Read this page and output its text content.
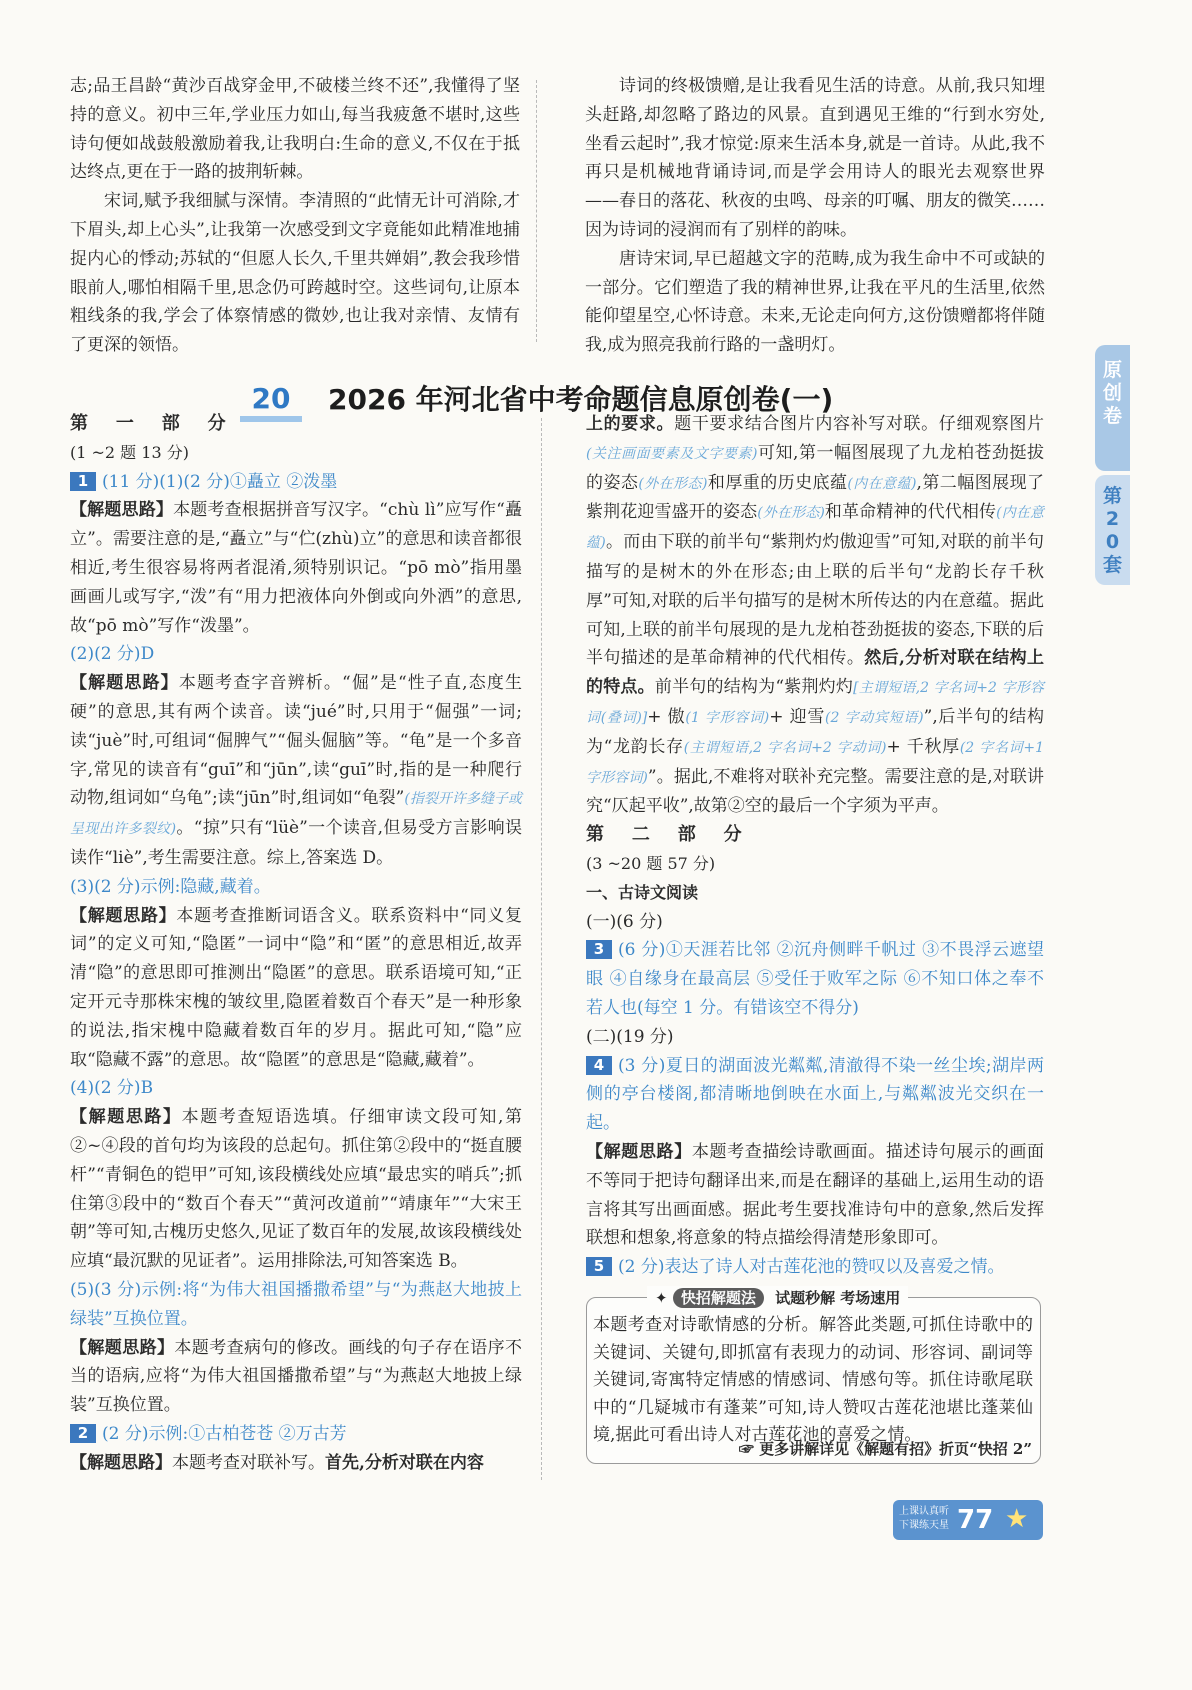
志;品王昌龄“黄沙百战穿金甲,不破楼兰终不还”,我懂得了坚持的意义。初中三年,学业压力如山,每当我疲惫不堪时,这些诗句便如战鼓般激励着我,让我明白:生命的意义,不仅在于抵达终点,更在于一路的披荆斩棘。

宋词,赋予我细腻与深情。李清照的“此情无计可消除,才下眉头,却上心头”,让我第一次感受到文字竟能如此精准地捕捉内心的悸动;苏轼的“但愿人长久,千里共婵娟”,教会我珍惜眼前人,哪怕相隔千里,思念仍可跨越时空。这些词句,让原本粗线条的我,学会了体察情感的微妙,也让我对亲情、友情有了更深的领悟。

诗词的终极馈赠,是让我看见生活的诗意。从前,我只知埋头赶路,却忽略了路边的风景。直到遇见王维的“行到水穷处,坐看云起时”,我才惊觉:原来生活本身,就是一首诗。从此,我不再只是机械地背诵诗词,而是学会用诗人的眼光去观察世界——春日的落花、秋夜的虫鸣、母亲的叮嘱、朋友的微笑……因为诗词的浸润而有了别样的韵味。

唐诗宋词,早已超越文字的范畴,成为我生命中不可或缺的一部分。它们塑造了我的精神世界,让我在平凡的生活里,依然能仰望星空,心怀诗意。未来,无论走向何方,这份馈赠都将伴随我,成为照亮我前行路的一盏明灯。

20	2026 年河北省中考命题信息原创卷(一)
原创卷
第20套

第 一 部 分

(1 ~2 题 13 分)

1 (11 分)(1)(2 分)①矗立 ②泼墨

【解题思路】本题考查根据拼音写汉字。“chù lì”应写作“矗立”。需要注意的是,“矗立”与“伫(zhù)立”的意思和读音都很相近,考生很容易将两者混淆,须特别识记。“pō mò”指用墨画画儿或写字,“泼”有“用力把液体向外倒或向外洒”的意思,故“pō mò”写作“泼墨”。

(2)(2 分)D

【解题思路】本题考查字音辨析。“倔”是“性子直,态度生硬”的意思,其有两个读音。读“jué”时,只用于“倔强”一词;读“juè”时,可组词“倔脾气”“倔头倔脑”等。“龟”是一个多音字,常见的读音有“guī”和“jūn”,读“guī”时,指的是一种爬行动物,组词如“乌龟”;读“jūn”时,组词如“龟裂”(指裂开许多缝子或呈现出许多裂纹)。“掠”只有“lüè”一个读音,但易受方言影响误读作“liè”,考生需要注意。综上,答案选 D。

(3)(2 分)示例:隐藏,藏着。

【解题思路】本题考查推断词语含义。联系资料中“同义复词”的定义可知,“隐匿”一词中“隐”和“匿”的意思相近,故弄清“隐”的意思即可推测出“隐匿”的意思。联系语境可知,“正定开元寺那株宋槐的皱纹里,隐匿着数百个春天”是一种形象的说法,指宋槐中隐藏着数百年的岁月。据此可知,“隐”应取“隐藏不露”的意思。故“隐匿”的意思是“隐藏,藏着”。

(4)(2 分)B

【解题思路】本题考查短语选填。仔细审读文段可知,第②~④段的首句均为该段的总起句。抓住第②段中的“挺直腰杆”“青铜色的铠甲”可知,该段横线处应填“最忠实的哨兵”;抓住第③段中的“数百个春天”“黄河改道前”“靖康年”“大宋王朝”等可知,古槐历史悠久,见证了数百年的发展,故该段横线处应填“最沉默的见证者”。运用排除法,可知答案选 B。

(5)(3 分)示例:将“为伟大祖国播撒希望”与“为燕赵大地披上绿装”互换位置。

【解题思路】本题考查病句的修改。画线的句子存在语序不当的语病,应将“为伟大祖国播撒希望”与“为燕赵大地披上绿装”互换位置。

2 (2 分)示例:①古柏苍苍 ②万古芳

【解题思路】本题考查对联补写。首先,分析对联在内容

上的要求。题干要求结合图片内容补写对联。仔细观察图片(关注画面要素及文字要素)可知,第一幅图展现了九龙柏苍劲挺拔的姿态(外在形态)和厚重的历史底蕴(内在意蕴),第二幅图展现了紫荆花迎雪盛开的姿态(外在形态)和革命精神的代代相传(内在意蕴)。而由下联的前半句“紫荆灼灼傲迎雪”可知,对联的前半句描写的是树木的外在形态;由上联的后半句“龙韵长存千秋厚”可知,对联的后半句描写的是树木所传达的内在意蕴。据此可知,上联的前半句展现的是九龙柏苍劲挺拔的姿态,下联的后半句描述的是革命精神的代代相传。然后,分析对联在结构上的特点。前半句的结构为“紫荆灼灼[主谓短语,2 字名词+2 字形容词(叠词)]+ 傲(1 字形容词)+ 迎雪(2 字动宾短语)”,后半句的结构为“龙韵长存(主谓短语,2 字名词+2 字动词)+ 千秋厚(2 字名词+1 字形容词)”。据此,不难将对联补充完整。需要注意的是,对联讲究“仄起平收”,故第②空的最后一个字须为平声。

第 二 部 分

(3 ~20 题 57 分)

一、古诗文阅读

(一)(6 分)

3 (6 分)①天涯若比邻 ②沉舟侧畔千帆过 ③不畏浮云遮望眼 ④自缘身在最高层 ⑤受任于败军之际 ⑥不知口体之奉不若人也(每空 1 分。有错该空不得分)

(二)(19 分)

4 (3 分)夏日的湖面波光粼粼,清澈得不染一丝尘埃;湖岸两侧的亭台楼阁,都清晰地倒映在水面上,与粼粼波光交织在一起。

【解题思路】本题考查描绘诗歌画面。描述诗句展示的画面不等同于把诗句翻译出来,而是在翻译的基础上,运用生动的语言将其写出画面感。据此考生要找准诗句中的意象,然后发挥联想和想象,将意象的特点描绘得清楚形象即可。

5 (2 分)表达了诗人对古莲花池的赞叹以及喜爱之情。

✦ 快招解题法 试题秒解 考场速用
本题考查对诗歌情感的分析。解答此类题,可抓住诗歌中的关键词、关键句,即抓富有表现力的动词、形容词、副词等关键词,寄寓特定情感的情感词、情感句等。抓住诗歌尾联中的“几疑城市有蓬莱”可知,诗人赞叹古莲花池堪比蓬莱仙境,据此可看出诗人对古莲花池的喜爱之情。
☞ 更多讲解详见《解题有招》折页“快招 2”
上课认真听
下课练天星 77 ★
